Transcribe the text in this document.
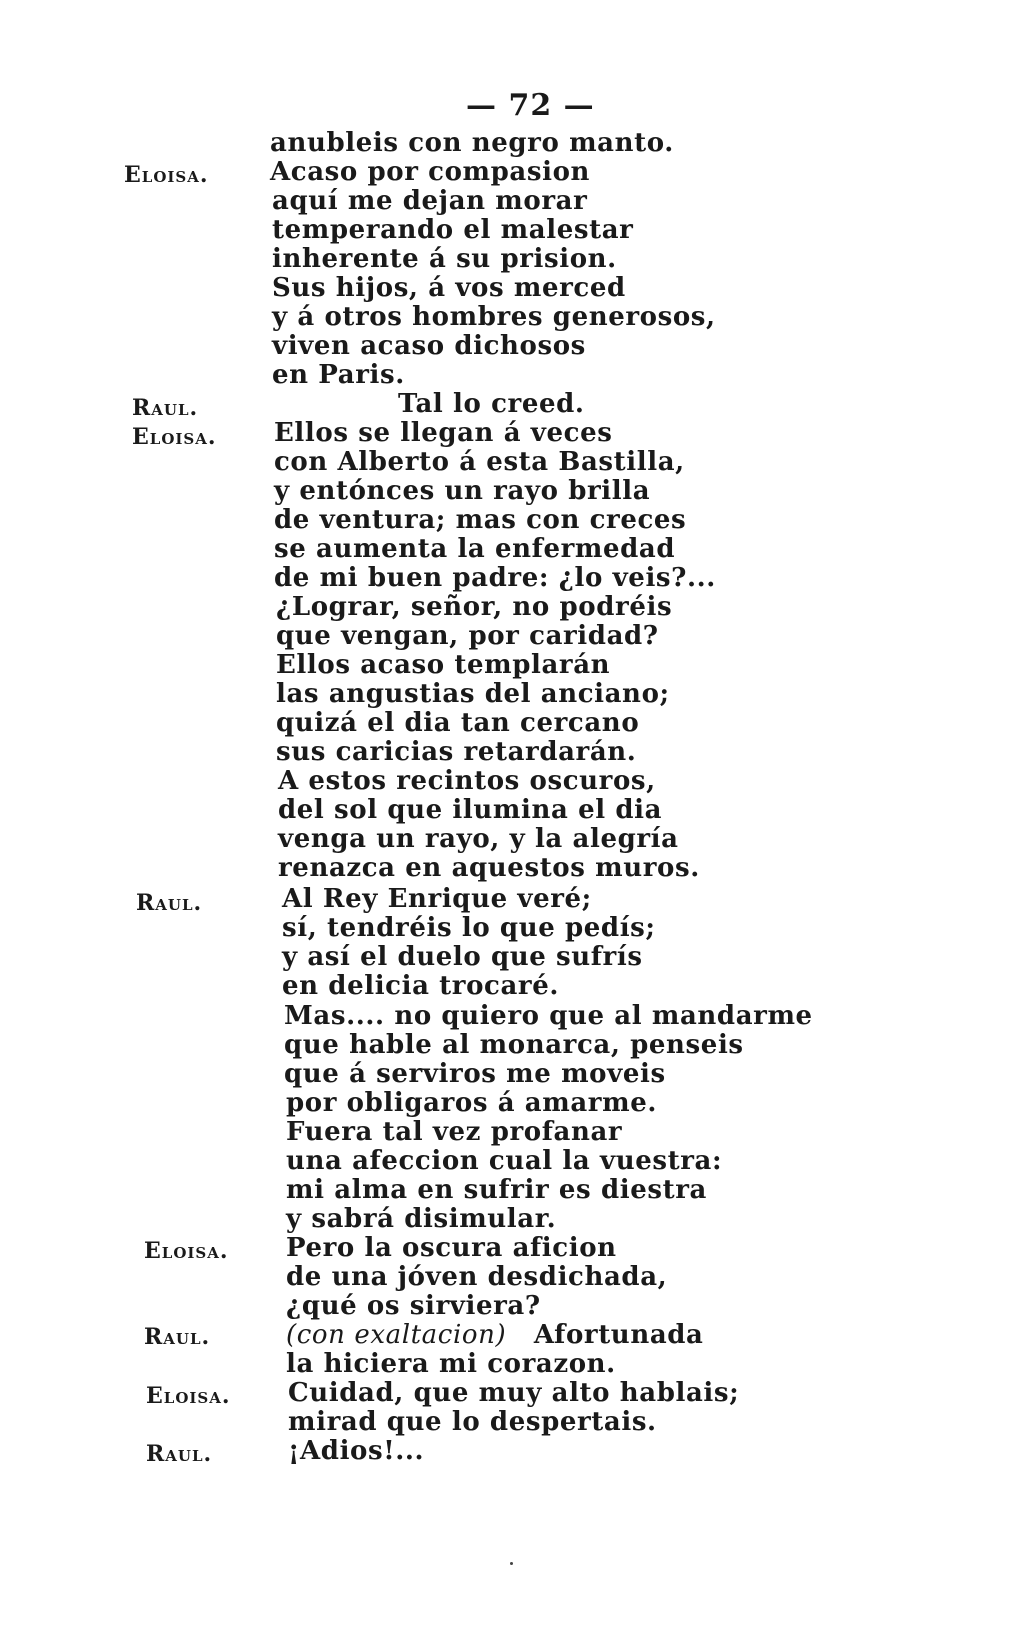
— 72 —
Eloisa.
Raul.
Eloisa.
Raul.
Eloisa.
Raul.
Eloisa.
Raul.
anubleis con negro manto.
Acaso por compasion
aquí me dejan morar
temperando el malestar
inherente á su prision.
Sus hijos, á vos merced
y á otros hombres generosos,
viven acaso dichosos
en Paris.
Tal lo creed.
Ellos se llegan á veces
con Alberto á esta Bastilla,
y entónces un rayo brilla
de ventura; mas con creces
se aumenta la enfermedad
de mi buen padre: ¿lo veis?...
¿Lograr, señor, no podréis
que vengan, por caridad?
Ellos acaso templarán
las angustias del anciano;
quizá el dia tan cercano
sus caricias retardarán.
A estos recintos oscuros,
del sol que ilumina el dia
venga un rayo, y la alegría
renazca en aquestos muros.
Al Rey Enrique veré;
sí, tendréis lo que pedís;
y así el duelo que sufrís
en delicia trocaré.
Mas.... no quiero que al mandarme
que hable al monarca, penseis
que á serviros me moveis
por obligaros á amarme.
Fuera tal vez profanar
una afeccion cual la vuestra:
mi alma en sufrir es diestra
y sabrá disimular.
Pero la oscura aficion
de una jóven desdichada,
¿qué os sirviera?
(con exaltacion) Afortunada
la hiciera mi corazon.
Cuidad, que muy alto hablais;
mirad que lo despertais.
¡Adios!...
